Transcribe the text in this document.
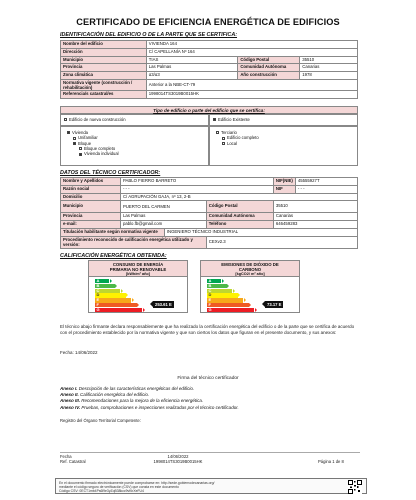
CERTIFICADO DE EFICIENCIA ENERGÉTICA DE EDIFICIOS
IDENTIFICACIÓN DEL EDIFICIO O DE LA PARTE QUE SE CERTIFICA:
Nombre del edificio	VIVIENDA 164		
Dirección	C/ CAPELLANÍA Nº 164		
Municipio	TIAS	Código Postal	35510
Provincia	Las Palmas	Comunidad Autónoma	Canarias
Zona climática	α3/α3	Año construcción	1978
Normativa vigente (construcción / rehabilitación)	Anterior a la NBE-CT-79		
Referencia/s catastral/es	1998014TS3019B0015HK		
Tipo de edificio o parte del edificio que se certifica:
Edificio de nueva construcción	Edificio Existente
Vivienda
Unifamiliar
Bloque
Bloque completo
Vivienda individual
Terciario
Edificio completo
Local
DATOS DEL TÉCNICO CERTIFICADOR:
Nombre y Apellidos	PABLO FIERRO BARRETO			NIF(NIE)	45555927T
Razón social	- - -			NIF	- - -
Domicilio	C/ AGRUPACIÓN GAJA, nº 13, 2-B				
Municipio	PUERTO DEL CARMEN		Código Postal	35510	
Provincia	Las Palmas		Comunidad Autónoma	Canarias	
e-mail:	pablo.fb@gmail.com		Teléfono	646459283	
Titulación habilitante según normativa vigente		INGENIERO TÉCNICO INDUSTRIAL			
Procedimiento reconocido de calificación energética utilizado y versión:			CEXv2.3		
CALIFICACIÓN ENERGÉTICA OBTENIDA:
CONSUMO DE ENERGÍA
PRIMARIA NO RENOVABLE
[kWh/m² año]
A
B
C
D
E
F
G
253.61 E
EMISIONES DE DIÓXIDO DE
CARBONO
[kgCO2/ m² año]
A
B
C
D
E
F
G
73.17 E
El técnico abajo firmante declara responsablemente que ha realizado la certificación energética del edificio o de la parte que se certifica de acuerdo con el procedimiento establecido por la normativa vigente y que son ciertos los datos que figuran en el presente documento, y sus anexos:
Fecha: 14/06/2022
Firma del técnico certificador
Anexo I. Descripción de las características energéticas del edificio.
Anexo II. Calificación energética del edificio.
Anexo III. Recomendaciones para la mejora de la eficiencia energética.
Anexo IV. Pruebas, comprobaciones e inspecciones realizadas por el técnico certificador.
Registro del Órgano Territorial Competente:
Fecha
Ref. Catastral
14/06/2022
1998014TS3019B0015HK	Página 1 de 8
En el documento firmado electrónicamente puede comprobarse en: http://sede.gobiernodecanarias.org/
mediante el código seguro de verificación (CSV) que consta en este documento
Código CSV: 0ECT1mb4Ps6l9e3yZqB38kcc9vKbXeFU4
